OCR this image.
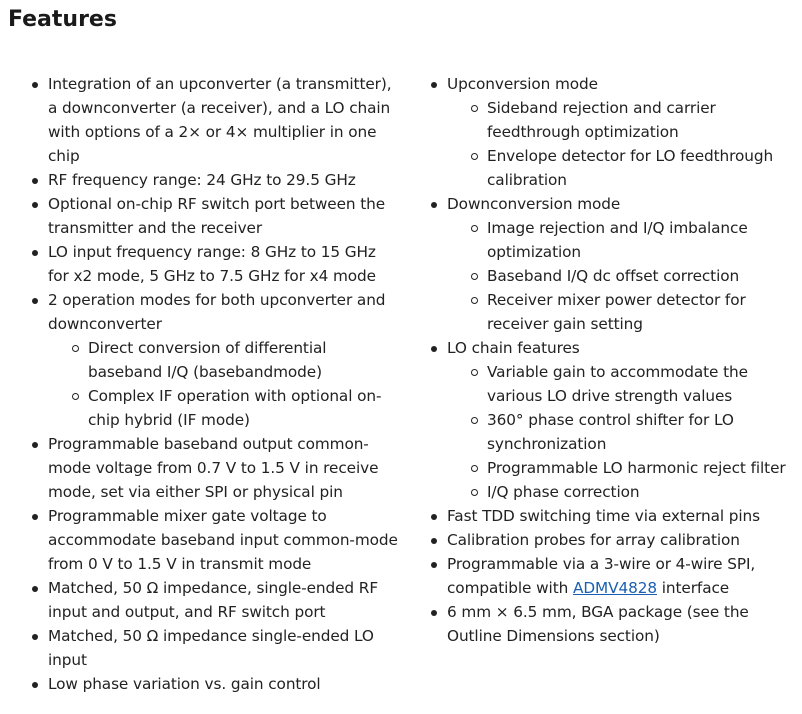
Features
Integration of an upconverter (a transmitter), a downconverter (a receiver), and a LO chain with options of a 2× or 4× multiplier in one chip
RF frequency range: 24 GHz to 29.5 GHz
Optional on-chip RF switch port between the transmitter and the receiver
LO input frequency range: 8 GHz to 15 GHz for x2 mode, 5 GHz to 7.5 GHz for x4 mode
2 operation modes for both upconverter and downconverter
Direct conversion of differential baseband I/Q (basebandmode)
Complex IF operation with optional on-chip hybrid (IF mode)
Programmable baseband output common-mode voltage from 0.7 V to 1.5 V in receive mode, set via either SPI or physical pin
Programmable mixer gate voltage to accommodate baseband input common-mode from 0 V to 1.5 V in transmit mode
Matched, 50 Ω impedance, single-ended RF input and output, and RF switch port
Matched, 50 Ω impedance single-ended LO input
Low phase variation vs. gain control
Upconversion mode
Sideband rejection and carrier feedthrough optimization
Envelope detector for LO feedthrough calibration
Downconversion mode
Image rejection and I/Q imbalance optimization
Baseband I/Q dc offset correction
Receiver mixer power detector for receiver gain setting
LO chain features
Variable gain to accommodate the various LO drive strength values
360° phase control shifter for LO synchronization
Programmable LO harmonic reject filter
I/Q phase correction
Fast TDD switching time via external pins
Calibration probes for array calibration
Programmable via a 3-wire or 4-wire SPI, compatible with ADMV4828 interface
6 mm × 6.5 mm, BGA package (see the Outline Dimensions section)
